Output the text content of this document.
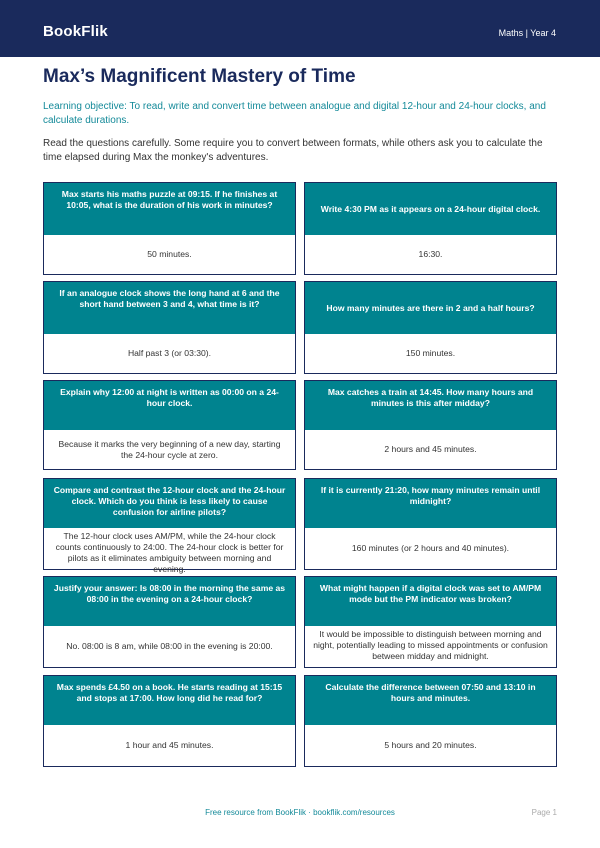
BookFlik	Maths | Year 4
Max’s Magnificent Mastery of Time
Learning objective: To read, write and convert time between analogue and digital 12-hour and 24-hour clocks, and calculate durations.
Read the questions carefully. Some require you to convert between formats, while others ask you to calculate the time elapsed during Max the monkey's adventures.
Max starts his maths puzzle at 09:15. If he finishes at 10:05, what is the duration of his work in minutes?
50 minutes.
Write 4:30 PM as it appears on a 24-hour digital clock.
16:30.
If an analogue clock shows the long hand at 6 and the short hand between 3 and 4, what time is it?
Half past 3 (or 03:30).
How many minutes are there in 2 and a half hours?
150 minutes.
Explain why 12:00 at night is written as 00:00 on a 24-hour clock.
Because it marks the very beginning of a new day, starting the 24-hour cycle at zero.
Max catches a train at 14:45. How many hours and minutes is this after midday?
2 hours and 45 minutes.
Compare and contrast the 12-hour clock and the 24-hour clock. Which do you think is less likely to cause confusion for airline pilots?
The 12-hour clock uses AM/PM, while the 24-hour clock counts continuously to 24:00. The 24-hour clock is better for pilots as it eliminates ambiguity between morning and evening.
If it is currently 21:20, how many minutes remain until midnight?
160 minutes (or 2 hours and 40 minutes).
Justify your answer: Is 08:00 in the morning the same as 08:00 in the evening on a 24-hour clock?
No. 08:00 is 8 am, while 08:00 in the evening is 20:00.
What might happen if a digital clock was set to AM/PM mode but the PM indicator was broken?
It would be impossible to distinguish between morning and night, potentially leading to missed appointments or confusion between midday and midnight.
Max spends £4.50 on a book. He starts reading at 15:15 and stops at 17:00. How long did he read for?
1 hour and 45 minutes.
Calculate the difference between 07:50 and 13:10 in hours and minutes.
5 hours and 20 minutes.
Free resource from BookFlik · bookflik.com/resources	Page 1
